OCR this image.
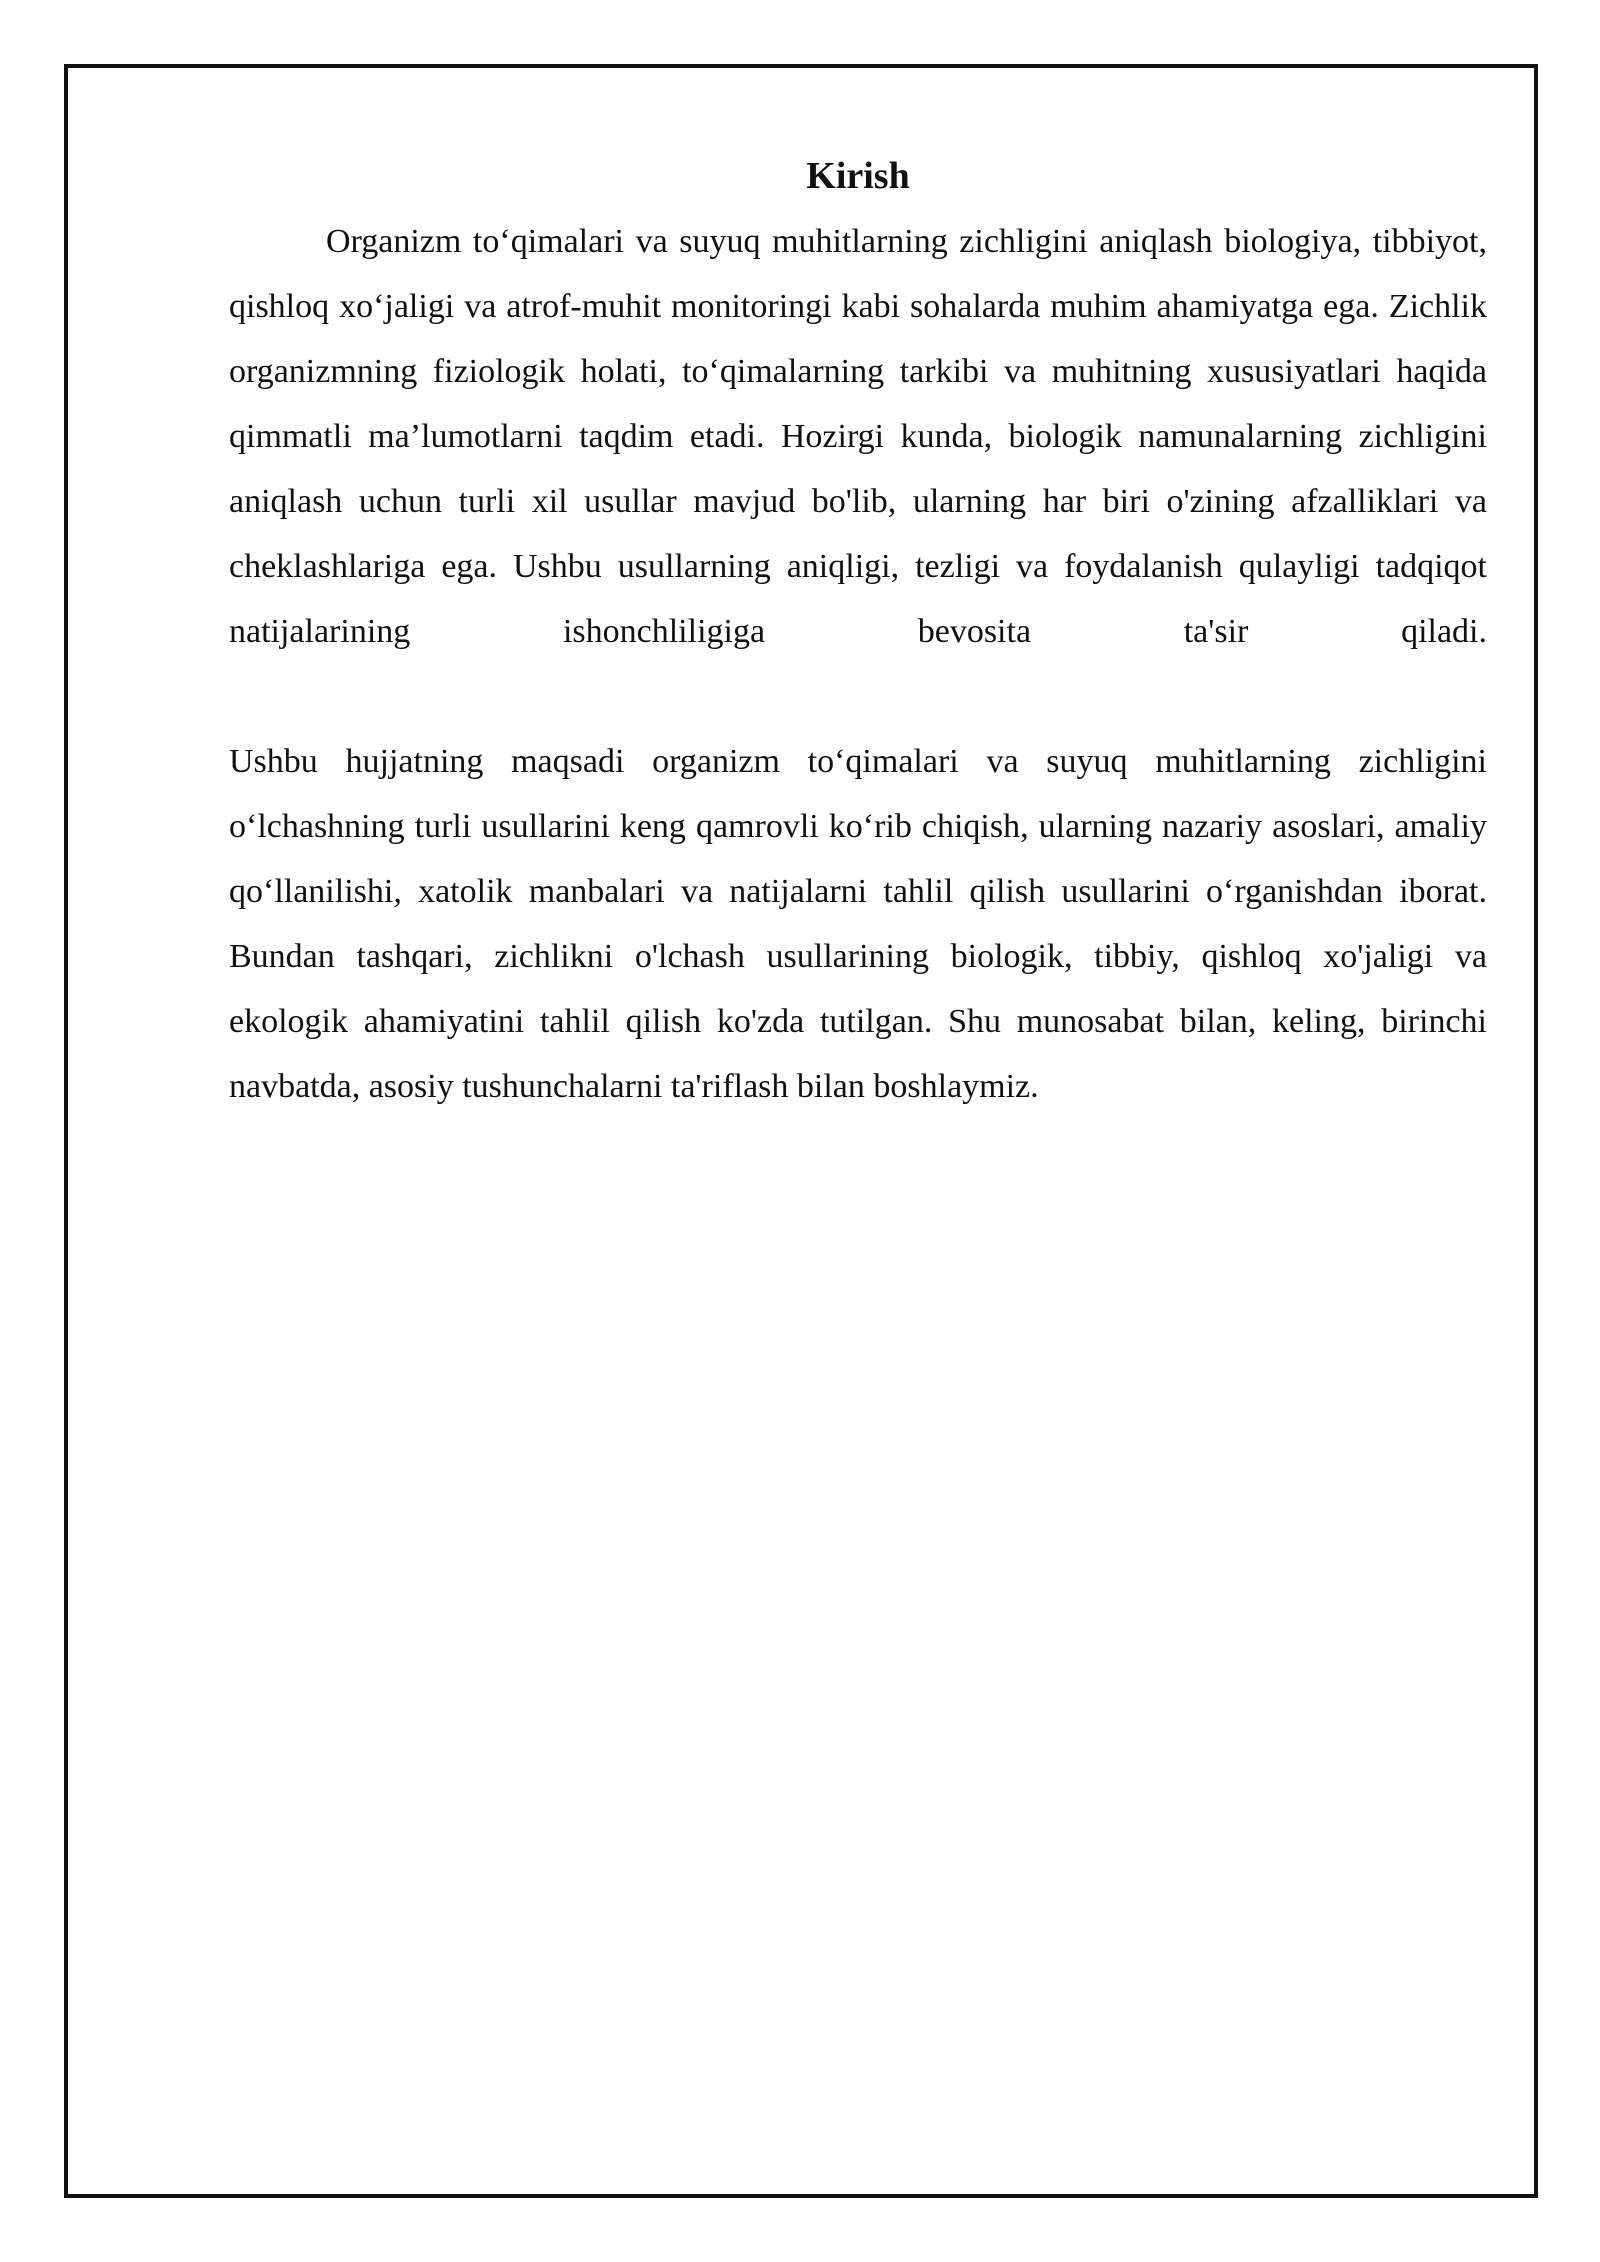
Kirish

Organizm to‘qimalari va suyuq muhitlarning zichligini aniqlash biologiya, tibbiyot, qishloq xo‘jaligi va atrof-muhit monitoringi kabi sohalarda muhim ahamiyatga ega. Zichlik organizmning fiziologik holati, to‘qimalarning tarkibi va muhitning xususiyatlari haqida qimmatli ma’lumotlarni taqdim etadi. Hozirgi kunda, biologik namunalarning zichligini aniqlash uchun turli xil usullar mavjud bo'lib, ularning har biri o'zining afzalliklari va cheklashlariga ega. Ushbu usullarning aniqligi, tezligi va foydalanish qulayligi tadqiqot natijalarining ishonchliligiga bevosita ta'sir qiladi.

Ushbu hujjatning maqsadi organizm to‘qimalari va suyuq muhitlarning zichligini o‘lchashning turli usullarini keng qamrovli ko‘rib chiqish, ularning nazariy asoslari, amaliy qo‘llanilishi, xatolik manbalari va natijalarni tahlil qilish usullarini o‘rganishdan iborat. Bundan tashqari, zichlikni o'lchash usullarining biologik, tibbiy, qishloq xo'jaligi va ekologik ahamiyatini tahlil qilish ko'zda tutilgan. Shu munosabat bilan, keling, birinchi navbatda, asosiy tushunchalarni ta'riflash bilan boshlaymiz.
